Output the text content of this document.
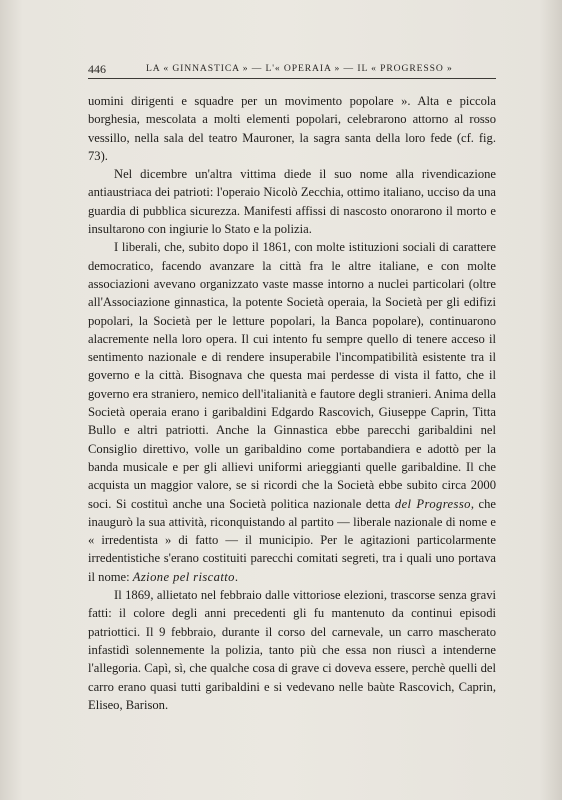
446	LA « GINNASTICA » — L'« OPERAIA » — IL « PROGRESSO »

uomini dirigenti e squadre per un movimento popolare ». Alta e piccola borghesia, mescolata a molti elementi popolari, celebrarono attorno al rosso vessillo, nella sala del teatro Mauroner, la sagra santa della loro fede (cf. fig. 73).

Nel dicembre un'altra vittima diede il suo nome alla rivendicazione antiaustriaca dei patrioti: l'operaio Nicolò Zecchia, ottimo italiano, ucciso da una guardia di pubblica sicurezza. Manifesti affissi di nascosto onorarono il morto e insultarono con ingiurie lo Stato e la polizia.

I liberali, che, subito dopo il 1861, con molte istituzioni sociali di carattere democratico, facendo avanzare la città fra le altre italiane, e con molte associazioni avevano organizzato vaste masse intorno a nuclei particolari (oltre all'Associazione ginnastica, la potente Società operaia, la Società per gli edifizi popolari, la Società per le letture popolari, la Banca popolare), continuarono alacremente nella loro opera. Il cui intento fu sempre quello di tenere acceso il sentimento nazionale e di rendere insuperabile l'incompatibilità esistente tra il governo e la città. Bisognava che questa mai perdesse di vista il fatto, che il governo era straniero, nemico dell'italianità e fautore degli stranieri. Anima della Società operaia erano i garibaldini Edgardo Rascovich, Giuseppe Caprin, Titta Bullo e altri patriotti. Anche la Ginnastica ebbe parecchi garibaldini nel Consiglio direttivo, volle un garibaldino come portabandiera e adottò per la banda musicale e per gli allievi uniformi arieggianti quelle garibaldine. Il che acquista un maggior valore, se si ricordi che la Società ebbe subito circa 2000 soci. Si costituì anche una Società politica nazionale detta del Progresso, che inaugurò la sua attività, riconquistando al partito — liberale nazionale di nome e « irredentista » di fatto — il municipio. Per le agitazioni particolarmente irredentistiche s'erano costituiti parecchi comitati segreti, tra i quali uno portava il nome: Azione pel riscatto.

Il 1869, allietato nel febbraio dalle vittoriose elezioni, trascorse senza gravi fatti: il colore degli anni precedenti gli fu mantenuto da continui episodi patriottici. Il 9 febbraio, durante il corso del carnevale, un carro mascherato infastidì solennemente la polizia, tanto più che essa non riuscì a intenderne l'allegoria. Capì, sì, che qualche cosa di grave ci doveva essere, perchè quelli del carro erano quasi tutti garibaldini e si vedevano nelle baùte Rascovich, Caprin, Eliseo, Barison.
